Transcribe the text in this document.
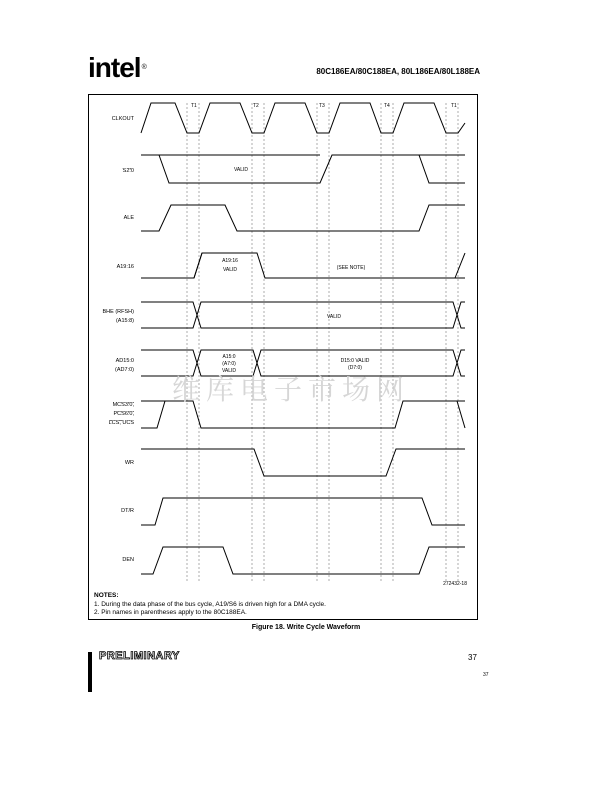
intel®	80C186EA/80C188EA, 80L186EA/80L188EA
T1	T2	T3	T4	T1
CLKOUT
S2:0
ALE
A19:16
BHE (RFSH)
(A15:8)
AD15:0
(AD7:0)
MCS3:0,
PCS6:0,
LCS, UCS
WR
DT/R
DEN
VALID
A19:16
VALID	(SEE NOTE)
VALID
A15:0
(A7:0)
VALID
D15:0 VALID
(D7:0)
272432-18
维库电子市场网
NOTES:
1. During the data phase of the bus cycle, A19/S6 is driven high for a DMA cycle.
2. Pin names in parentheses apply to the 80C188EA.
Figure 18. Write Cycle Waveform
PRELIMINARY	37
37
